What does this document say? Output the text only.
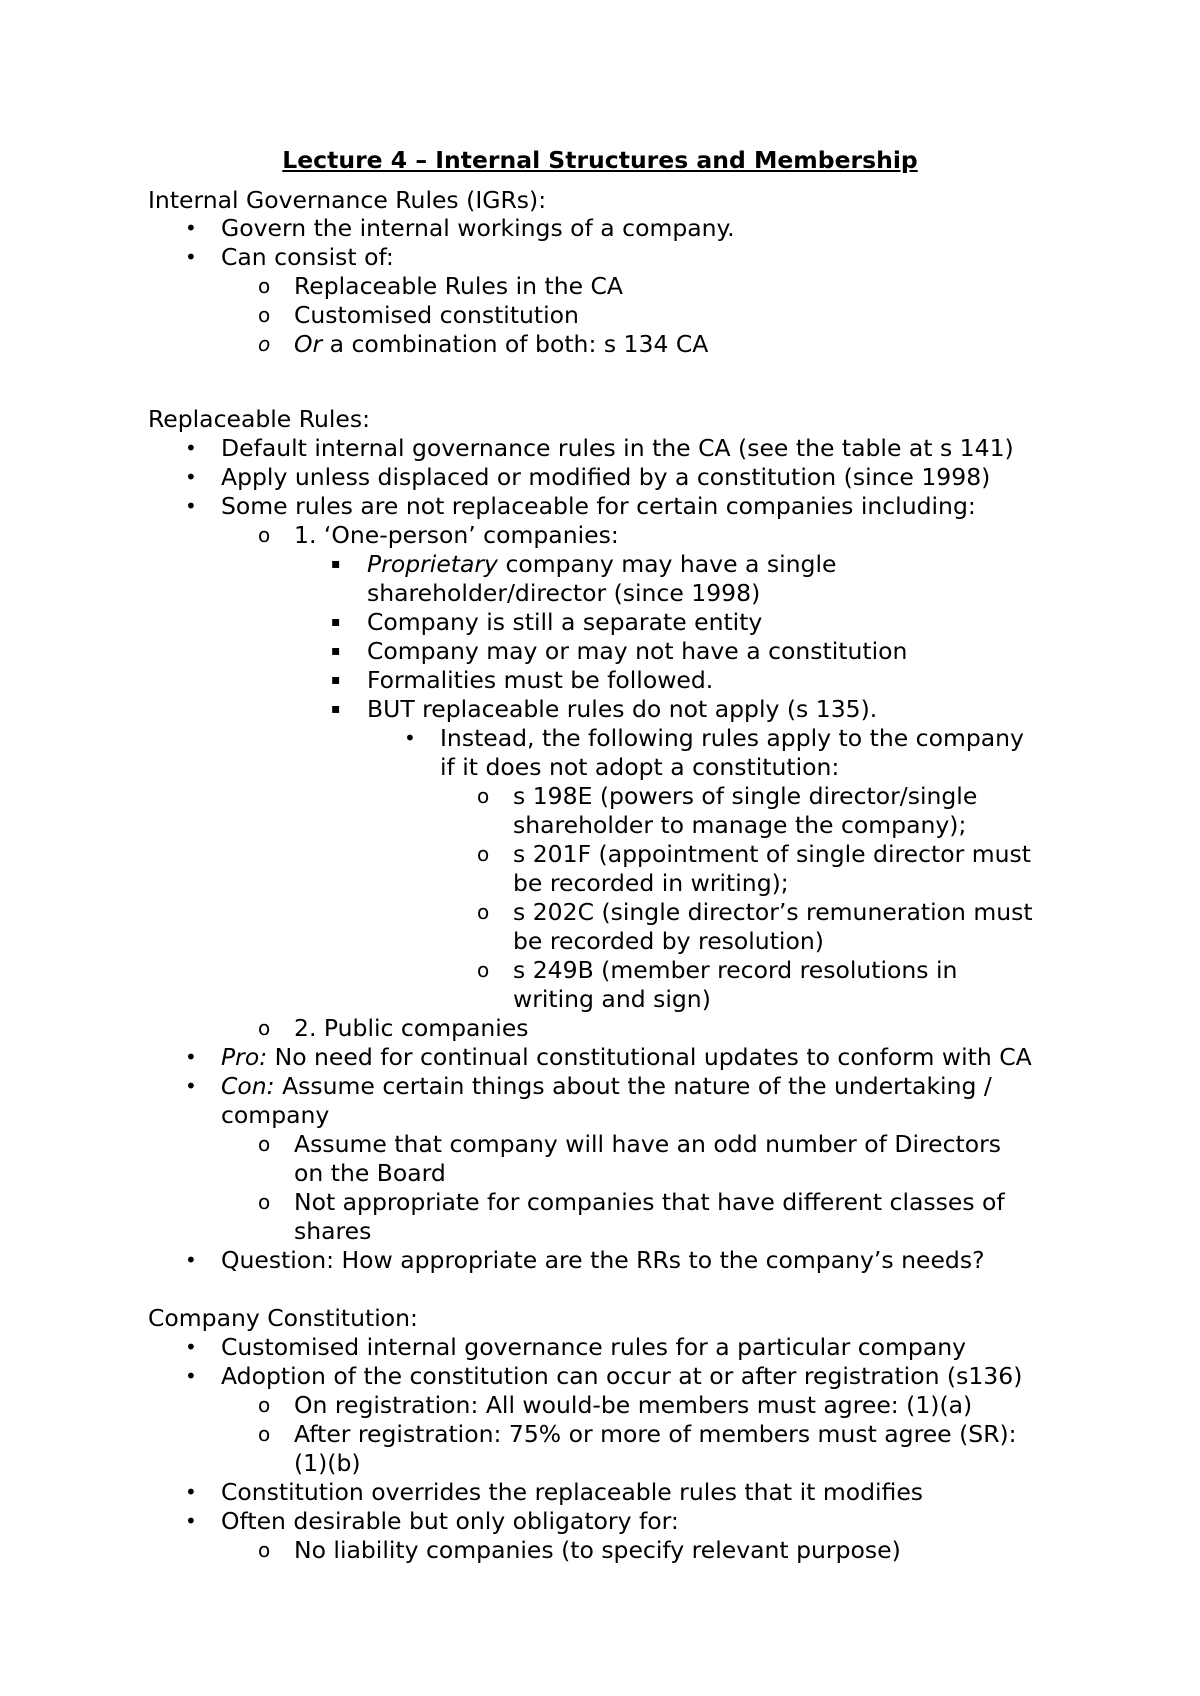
Lecture 4 – Internal Structures and Membership

Internal Governance Rules (IGRs):

• Govern the internal workings of a company.

• Can consist of:

o Replaceable Rules in the CA

o Customised constitution

o Or a combination of both: s 134 CA

Replaceable Rules:

• Default internal governance rules in the CA (see the table at s 141)

• Apply unless displaced or modified by a constitution (since 1998)

• Some rules are not replaceable for certain companies including:

o 1. ‘One-person’ companies:

▪ Proprietary company may have a single

shareholder/director (since 1998)

▪ Company is still a separate entity

▪ Company may or may not have a constitution

▪ Formalities must be followed.

▪ BUT replaceable rules do not apply (s 135).

• Instead, the following rules apply to the company

if it does not adopt a constitution:

o s 198E (powers of single director/single

shareholder to manage the company);

o s 201F (appointment of single director must

be recorded in writing);

o s 202C (single director’s remuneration must

be recorded by resolution)

o s 249B (member record resolutions in

writing and sign)

o 2. Public companies

• Pro: No need for continual constitutional updates to conform with CA

• Con: Assume certain things about the nature of the undertaking /

company

o Assume that company will have an odd number of Directors

on the Board

o Not appropriate for companies that have different classes of

shares

• Question: How appropriate are the RRs to the company’s needs?

Company Constitution:

• Customised internal governance rules for a particular company

• Adoption of the constitution can occur at or after registration (s136)

o On registration: All would-be members must agree: (1)(a)

o After registration: 75% or more of members must agree (SR):

(1)(b)

• Constitution overrides the replaceable rules that it modifies

• Often desirable but only obligatory for:

o No liability companies (to specify relevant purpose)
